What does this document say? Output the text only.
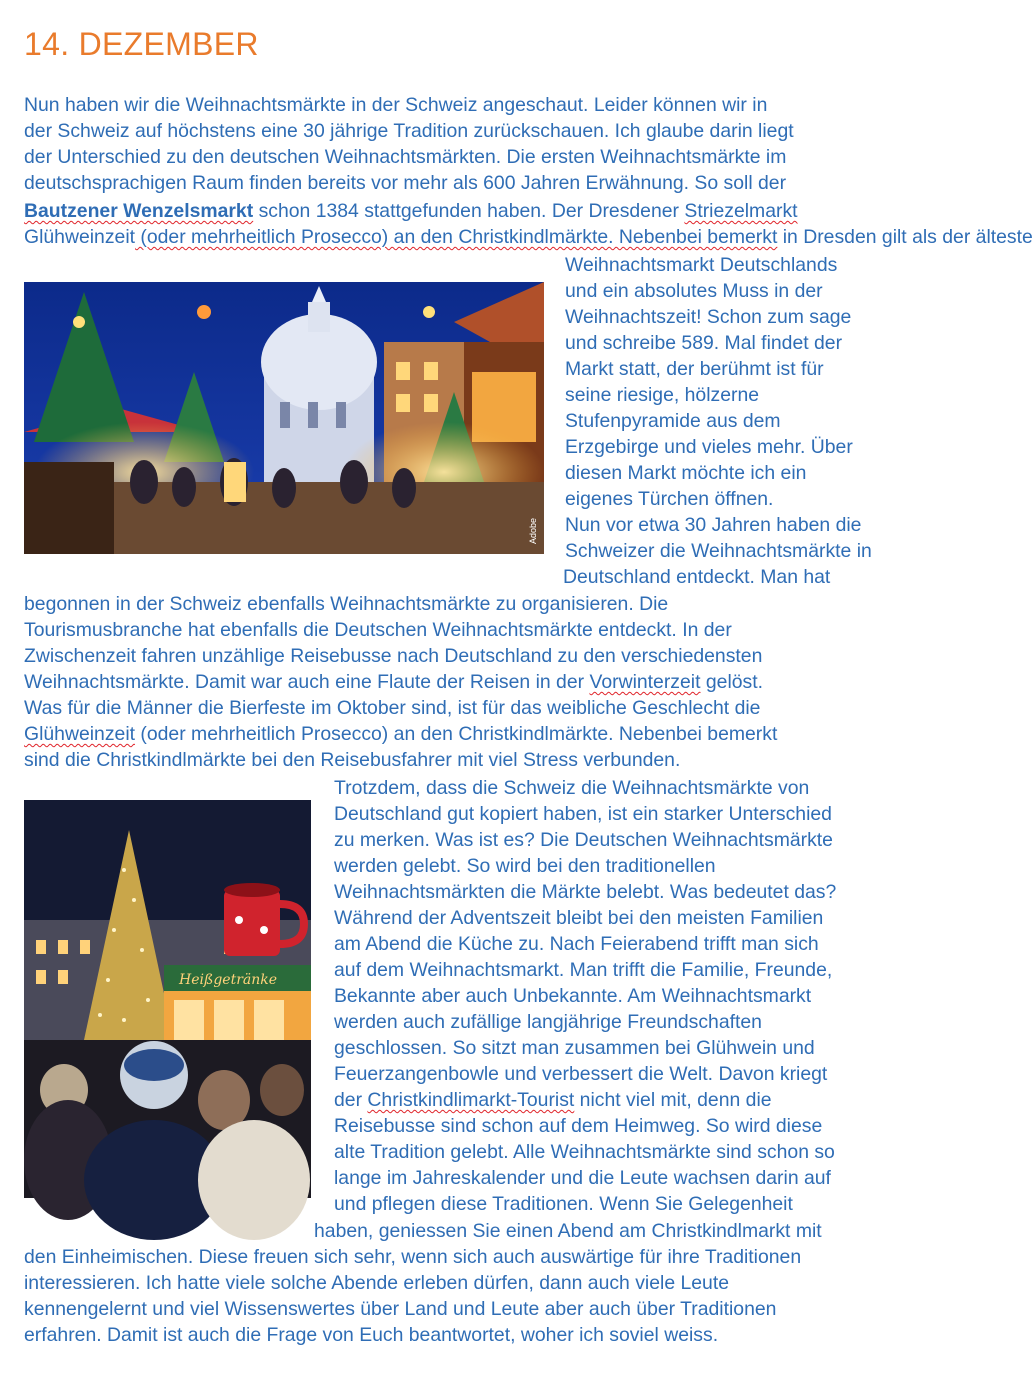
14. DEZEMBER
Nun haben wir die Weihnachtsmärkte in der Schweiz angeschaut. Leider können wir in
der Schweiz auf höchstens eine 30 jährige Tradition zurückschauen. Ich glaube darin liegt
der Unterschied zu den deutschen Weihnachtsmärkten. Die ersten Weihnachtsmärkte im
deutschsprachigen Raum finden bereits vor mehr als 600 Jahren Erwähnung. So soll der
Bautzener Wenzelsmarkt schon 1384 stattgefunden haben. Der Dresdener Striezelmarkt
Glühweinzeit (oder mehrheitlich Prosecco) an den Christkindlmärkte. Nebenbei bemerkt in Dresden gilt als der älteste
Adobe
Weihnachtsmarkt Deutschlands
und ein absolutes Muss in der
Weihnachtszeit! Schon zum sage
und schreibe 589. Mal findet der
Markt statt, der berühmt ist für
seine riesige, hölzerne
Stufenpyramide aus dem
Erzgebirge und vieles mehr. Über
diesen Markt möchte ich ein
eigenes Türchen öffnen.
Nun vor etwa 30 Jahren haben die
Schweizer die Weihnachtsmärkte in
Deutschland entdeckt. Man hat
begonnen in der Schweiz ebenfalls Weihnachtsmärkte zu organisieren. Die
Tourismusbranche hat ebenfalls die Deutschen Weihnachtsmärkte entdeckt. In der
Zwischenzeit fahren unzählige Reisebusse nach Deutschland zu den verschiedensten
Weihnachtsmärkte. Damit war auch eine Flaute der Reisen in der Vorwinterzeit gelöst.
Was für die Männer die Bierfeste im Oktober sind, ist für das weibliche Geschlecht die
Glühweinzeit (oder mehrheitlich Prosecco) an den Christkindlmärkte. Nebenbei bemerkt
sind die Christkindlmärkte bei den Reisebusfahrer mit viel Stress verbunden.
Heißgetränke
Trotzdem, dass die Schweiz die Weihnachtsmärkte von
Deutschland gut kopiert haben, ist ein starker Unterschied
zu merken. Was ist es? Die Deutschen Weihnachtsmärkte
werden gelebt. So wird bei den traditionellen
Weihnachtsmärkten die Märkte belebt. Was bedeutet das?
Während der Adventszeit bleibt bei den meisten Familien
am Abend die Küche zu. Nach Feierabend trifft man sich
auf dem Weihnachtsmarkt. Man trifft die Familie, Freunde,
Bekannte aber auch Unbekannte. Am Weihnachtsmarkt
werden auch zufällige langjährige Freundschaften
geschlossen. So sitzt man zusammen bei Glühwein und
Feuerzangenbowle und verbessert die Welt. Davon kriegt
der Christkindlimarkt-Tourist nicht viel mit, denn die
Reisebusse sind schon auf dem Heimweg. So wird diese
alte Tradition gelebt. Alle Weihnachtsmärkte sind schon so
lange im Jahreskalender und die Leute wachsen darin auf
und pflegen diese Traditionen. Wenn Sie Gelegenheit
haben, geniessen Sie einen Abend am Christkindlmarkt mit
den Einheimischen. Diese freuen sich sehr, wenn sich auch auswärtige für ihre Traditionen
interessieren. Ich hatte viele solche Abende erleben dürfen, dann auch viele Leute
kennengelernt und viel Wissenswertes über Land und Leute aber auch über Traditionen
erfahren. Damit ist auch die Frage von Euch beantwortet, woher ich soviel weiss.
